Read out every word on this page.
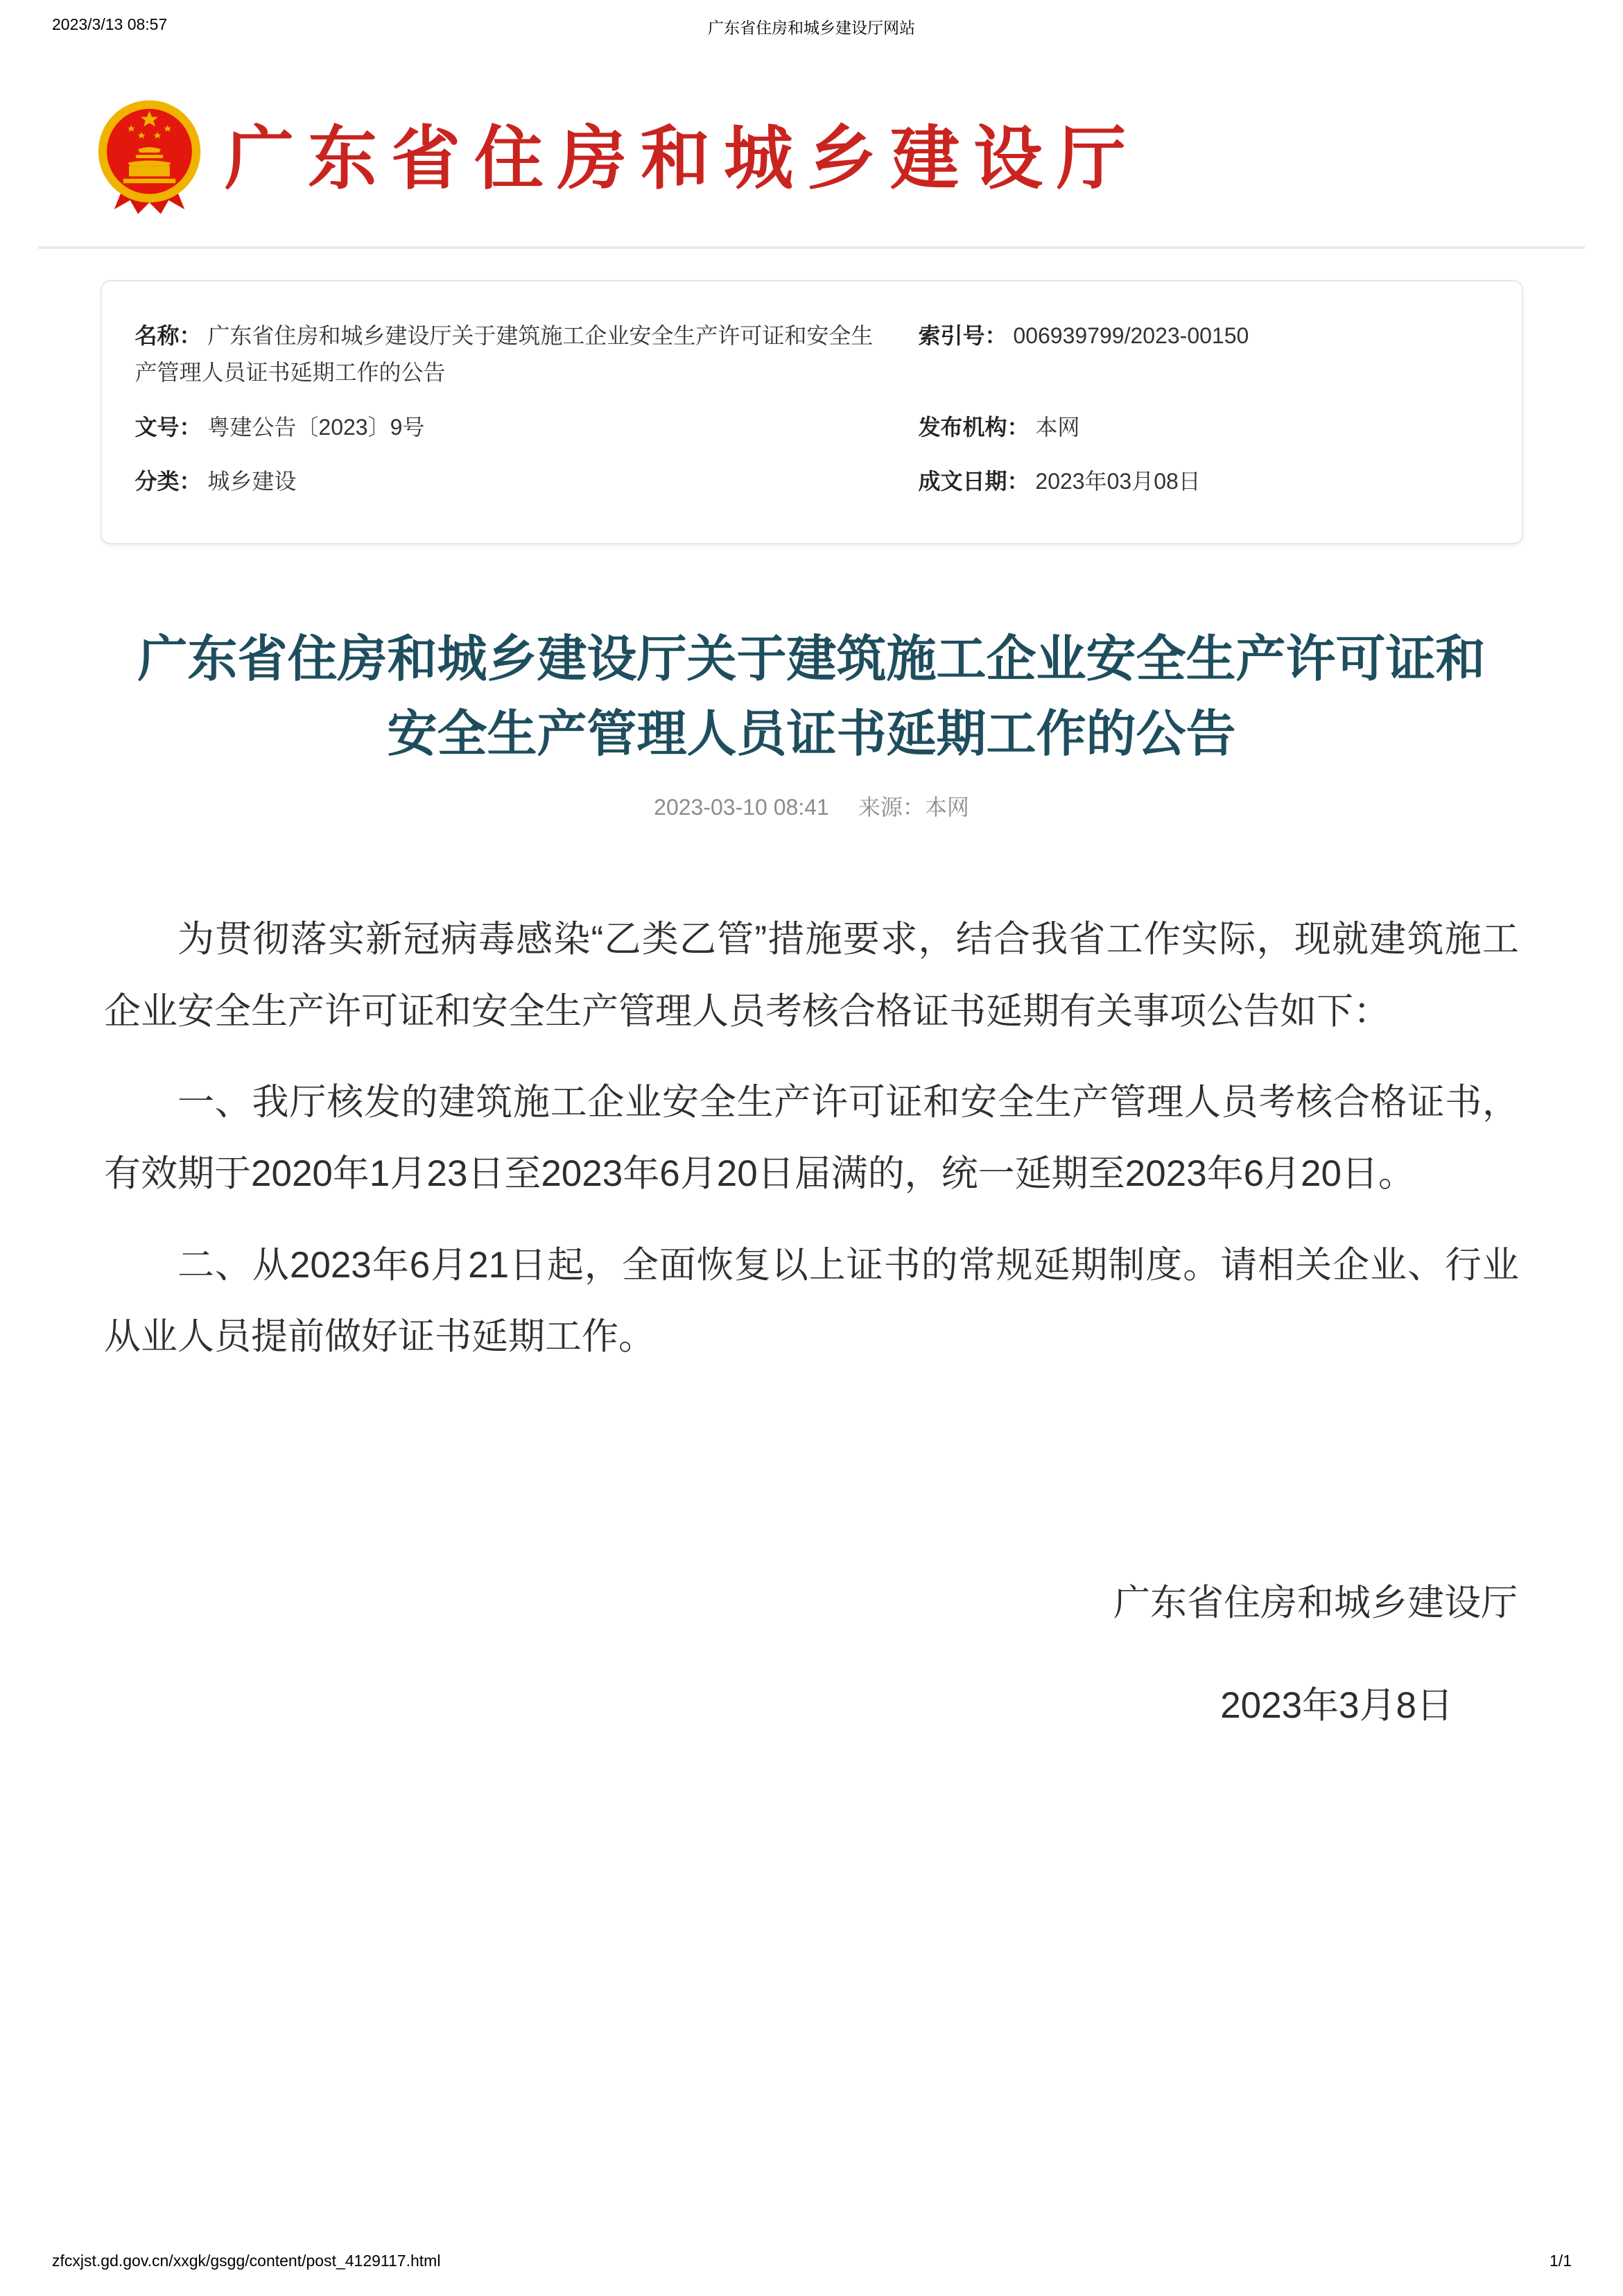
2023/3/13 08:57	广东省住房和城乡建设厅网站
广东省住房和城乡建设厅
名称： 广东省住房和城乡建设厅关于建筑施工企业安全生产许可证和安全生产管理人员证书延期工作的公告
索引号： 006939799/2023-00150
文号： 粤建公告〔2023〕9号	发布机构： 本网
分类： 城乡建设	成文日期： 2023年03月08日
广东省住房和城乡建设厅关于建筑施工企业安全生产许可证和安全生产管理人员证书延期工作的公告
2023-03-10 08:41 来源：本网

为贯彻落实新冠病毒感染“乙类乙管”措施要求，结合我省工作实际，现就建筑施工企业安全生产许可证和安全生产管理人员考核合格证书延期有关事项公告如下：

一、我厅核发的建筑施工企业安全生产许可证和安全生产管理人员考核合格证书，有效期于2020年1月23日至2023年6月20日届满的，统一延期至2023年6月20日。

二、从2023年6月21日起，全面恢复以上证书的常规延期制度。请相关企业、行业从业人员提前做好证书延期工作。

广东省住房和城乡建设厅
2023年3月8日
zfcxjst.gd.gov.cn/xxgk/gsgg/content/post_4129117.html	1/1
